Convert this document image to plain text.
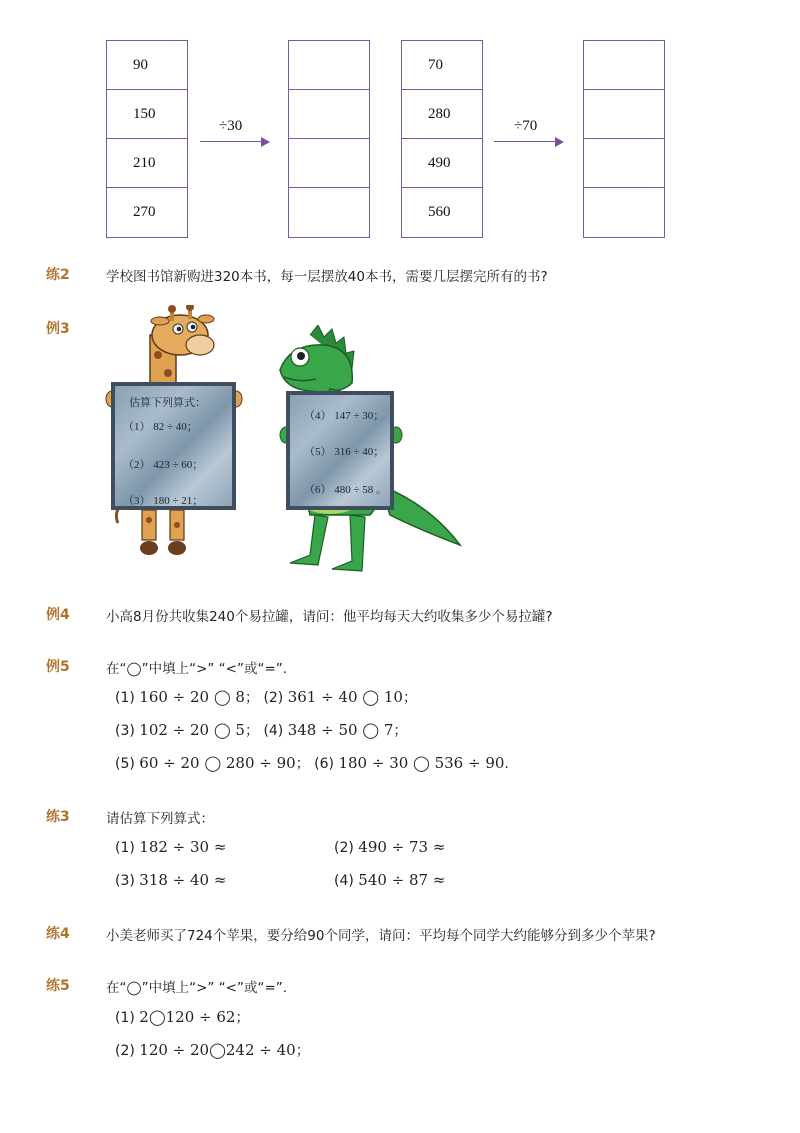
90
150
210
270
÷30
70
280
490
560
÷70
练2	学校图书馆新购进320本书，每一层摆放40本书，需要几层摆完所有的书?
例3
估算下列算式：
（1） 82 ÷ 40；
（2） 423 ÷ 60；
（3） 180 ÷ 21；
（4） 147 ÷ 30；
（5） 316 ÷ 40；
（6） 480 ÷ 58 。
例4	小高8月份共收集240个易拉罐，请问：他平均每天大约收集多少个易拉罐?
例5	在“◯”中填上“>” “<”或“=”.
(1) 160 ÷ 20 ◯ 8； (2) 361 ÷ 40 ◯ 10；
(3) 102 ÷ 20 ◯ 5； (4) 348 ÷ 50 ◯ 7；
(5) 60 ÷ 20 ◯ 280 ÷ 90； (6) 180 ÷ 30 ◯ 536 ÷ 90.
练3	请估算下列算式：
(1) 182 ÷ 30 ≈	(2) 490 ÷ 73 ≈
(3) 318 ÷ 40 ≈	(4) 540 ÷ 87 ≈
练4	小美老师买了724个苹果，要分给90个同学，请问：平均每个同学大约能够分到多少个苹果?
练5	在“◯”中填上“>” “<”或“=”.
(1) 2◯120 ÷ 62；
(2) 120 ÷ 20◯242 ÷ 40；
